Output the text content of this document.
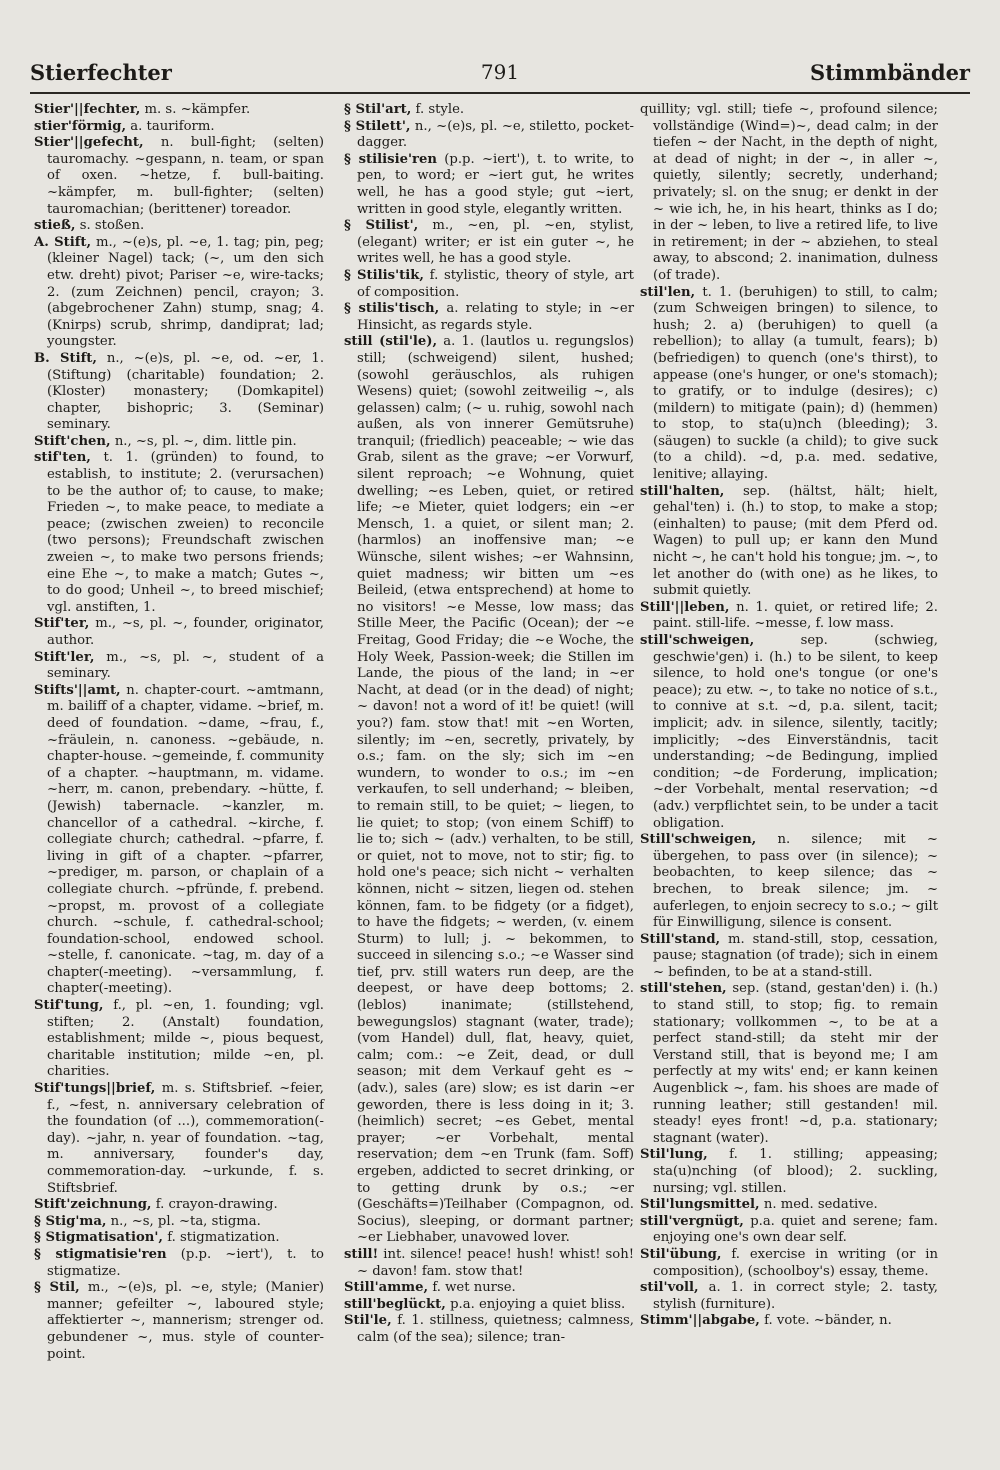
Stierfechter	791	Stimmbänder

Stier'||fechter, m. s. ~kämpfer.

stier'förmig, a. tauriform.

Stier'||gefecht, n. bull-fight; (selten) tauromachy. ~gespann, n. team, or span of oxen. ~hetze, f. bull-baiting. ~kämpfer, m. bull-fighter; (selten) tauromachian; (berittener) toreador.

stieß, s. stoßen.

A. Stift, m., ~(e)s, pl. ~e, 1. tag; pin, peg; (kleiner Nagel) tack; (~, um den sich etw. dreht) pivot; Pariser ~e, wire-tacks; 2. (zum Zeichnen) pencil, crayon; 3. (abgebrochener Zahn) stump, snag; 4. (Knirps) scrub, shrimp, dandiprat; lad; youngster.

B. Stift, n., ~(e)s, pl. ~e, od. ~er, 1. (Stiftung) (charitable) foundation; 2. (Kloster) monastery; (Domkapitel) chapter, bishopric; 3. (Seminar) seminary.

Stift'chen, n., ~s, pl. ~, dim. little pin.

stif'ten, t. 1. (gründen) to found, to establish, to institute; 2. (verursachen) to be the author of; to cause, to make; Frieden ~, to make peace, to mediate a peace; (zwischen zweien) to reconcile (two persons); Freundschaft zwischen zweien ~, to make two persons friends; eine Ehe ~, to make a match; Gutes ~, to do good; Unheil ~, to breed mischief; vgl. anstiften, 1.

Stif'ter, m., ~s, pl. ~, founder, originator, author.

Stift'ler, m., ~s, pl. ~, student of a seminary.

Stifts'||amt, n. chapter-court. ~amtmann, m. bailiff of a chapter, vidame. ~brief, m. deed of foundation. ~dame, ~frau, f., ~fräulein, n. canoness. ~gebäude, n. chapter-house. ~gemeinde, f. community of a chapter. ~hauptmann, m. vidame. ~herr, m. canon, prebendary. ~hütte, f. (Jewish) tabernacle. ~kanzler, m. chancellor of a cathedral. ~kirche, f. collegiate church; cathedral. ~pfarre, f. living in gift of a chapter. ~pfarrer, ~prediger, m. parson, or chaplain of a collegiate church. ~pfründe, f. prebend. ~propst, m. provost of a collegiate church. ~schule, f. cathedral-school; foundation-school, endowed school. ~stelle, f. canonicate. ~tag, m. day of a chapter(-meeting). ~versammlung, f. chapter(-meeting).

Stif'tung, f., pl. ~en, 1. founding; vgl. stiften; 2. (Anstalt) foundation, establishment; milde ~, pious bequest, charitable institution; milde ~en, pl. charities.

Stif'tungs||brief, m. s. Stiftsbrief. ~feier, f., ~fest, n. anniversary celebration of the foundation (of ...), commemoration(-day). ~jahr, n. year of foundation. ~tag, m. anniversary, founder's day, commemoration-day. ~urkunde, f. s. Stiftsbrief.

Stift'zeichnung, f. crayon-drawing.

§ Stig'ma, n., ~s, pl. ~ta, stigma.

§ Stigmatisation', f. stigmatization.

§ stigmatisie'ren (p.p. ~iert'), t. to stigmatize.

§ Stil, m., ~(e)s, pl. ~e, style; (Manier) manner; gefeilter ~, laboured style; affektierter ~, mannerism; strenger od. gebundener ~, mus. style of counter-point.

§ Stil'art, f. style.

§ Stilett', n., ~(e)s, pl. ~e, stiletto, pocket-dagger.

§ stilisie'ren (p.p. ~iert'), t. to write, to pen, to word; er ~iert gut, he writes well, he has a good style; gut ~iert, written in good style, elegantly written.

§ Stilist', m., ~en, pl. ~en, stylist, (elegant) writer; er ist ein guter ~, he writes well, he has a good style.

§ Stilis'tik, f. stylistic, theory of style, art of composition.

§ stilis'tisch, a. relating to style; in ~er Hinsicht, as regards style.

still (stil'le), a. 1. (lautlos u. regungslos) still; (schweigend) silent, hushed; (sowohl geräuschlos, als ruhigen Wesens) quiet; (sowohl zeitweilig ~, als gelassen) calm; (~ u. ruhig, sowohl nach außen, als von innerer Gemütsruhe) tranquil; (friedlich) peaceable; ~ wie das Grab, silent as the grave; ~er Vorwurf, silent reproach; ~e Wohnung, quiet dwelling; ~es Leben, quiet, or retired life; ~e Mieter, quiet lodgers; ein ~er Mensch, 1. a quiet, or silent man; 2. (harmlos) an inoffensive man; ~e Wünsche, silent wishes; ~er Wahnsinn, quiet madness; wir bitten um ~es Beileid, (etwa entsprechend) at home to no visitors! ~e Messe, low mass; das Stille Meer, the Pacific (Ocean); der ~e Freitag, Good Friday; die ~e Woche, the Holy Week, Passion-week; die Stillen im Lande, the pious of the land; in ~er Nacht, at dead (or in the dead) of night; ~ davon! not a word of it! be quiet! (will you?) fam. stow that! mit ~en Worten, silently; im ~en, secretly, privately, by o.s.; fam. on the sly; sich im ~en wundern, to wonder to o.s.; im ~en verkaufen, to sell underhand; ~ bleiben, to remain still, to be quiet; ~ liegen, to lie quiet; to stop; (von einem Schiff) to lie to; sich ~ (adv.) verhalten, to be still, or quiet, not to move, not to stir; fig. to hold one's peace; sich nicht ~ verhalten können, nicht ~ sitzen, liegen od. stehen können, fam. to be fidgety (or a fidget), to have the fidgets; ~ werden, (v. einem Sturm) to lull; j. ~ bekommen, to succeed in silencing s.o.; ~e Wasser sind tief, prv. still waters run deep, are the deepest, or have deep bottoms; 2. (leblos) inanimate; (stillstehend, bewegungslos) stagnant (water, trade); (vom Handel) dull, flat, heavy, quiet, calm; com.: ~e Zeit, dead, or dull season; mit dem Verkauf geht es ~ (adv.), sales (are) slow; es ist darin ~er geworden, there is less doing in it; 3. (heimlich) secret; ~es Gebet, mental prayer; ~er Vorbehalt, mental reservation; dem ~en Trunk (fam. Soff) ergeben, addicted to secret drinking, or to getting drunk by o.s.; ~er (Geschäfts=)Teilhaber (Compagnon, od. Socius), sleeping, or dormant partner; ~er Liebhaber, unavowed lover.

still! int. silence! peace! hush! whist! soh! ~ davon! fam. stow that!

Still'amme, f. wet nurse.

still'beglückt, p.a. enjoying a quiet bliss.

Stil'le, f. 1. stillness, quietness; calmness, calm (of the sea); silence; tran-

quillity; vgl. still; tiefe ~, profound silence; vollständige (Wind=)~, dead calm; in der tiefen ~ der Nacht, in the depth of night, at dead of night; in der ~, in aller ~, quietly, silently; secretly, underhand; privately; sl. on the snug; er denkt in der ~ wie ich, he, in his heart, thinks as I do; in der ~ leben, to live a retired life, to live in retirement; in der ~ abziehen, to steal away, to abscond; 2. inanimation, dulness (of trade).

stil'len, t. 1. (beruhigen) to still, to calm; (zum Schweigen bringen) to silence, to hush; 2. a) (beruhigen) to quell (a rebellion); to allay (a tumult, fears); b) (befriedigen) to quench (one's thirst), to appease (one's hunger, or one's stomach); to gratify, or to indulge (desires); c) (mildern) to mitigate (pain); d) (hemmen) to stop, to sta(u)nch (bleeding); 3. (säugen) to suckle (a child); to give suck (to a child). ~d, p.a. med. sedative, lenitive; allaying.

still'halten, sep. (hältst, hält; hielt, gehal'ten) i. (h.) to stop, to make a stop; (einhalten) to pause; (mit dem Pferd od. Wagen) to pull up; er kann den Mund nicht ~, he can't hold his tongue; jm. ~, to let another do (with one) as he likes, to submit quietly.

Still'||leben, n. 1. quiet, or retired life; 2. paint. still-life. ~messe, f. low mass.

still'schweigen, sep. (schwieg, geschwie'gen) i. (h.) to be silent, to keep silence, to hold one's tongue (or one's peace); zu etw. ~, to take no notice of s.t., to connive at s.t. ~d, p.a. silent, tacit; implicit; adv. in silence, silently, tacitly; implicitly; ~des Einverständnis, tacit understanding; ~de Bedingung, implied condition; ~de Forderung, implication; ~der Vorbehalt, mental reservation; ~d (adv.) verpflichtet sein, to be under a tacit obligation.

Still'schweigen, n. silence; mit ~ übergehen, to pass over (in silence); ~ beobachten, to keep silence; das ~ brechen, to break silence; jm. ~ auferlegen, to enjoin secrecy to s.o.; ~ gilt für Einwilligung, silence is consent.

Still'stand, m. stand-still, stop, cessation, pause; stagnation (of trade); sich in einem ~ befinden, to be at a stand-still.

still'stehen, sep. (stand, gestan'den) i. (h.) to stand still, to stop; fig. to remain stationary; vollkommen ~, to be at a perfect stand-still; da steht mir der Verstand still, that is beyond me; I am perfectly at my wits' end; er kann keinen Augenblick ~, fam. his shoes are made of running leather; still gestanden! mil. steady! eyes front! ~d, p.a. stationary; stagnant (water).

Stil'lung, f. 1. stilling; appeasing; sta(u)nching (of blood); 2. suckling, nursing; vgl. stillen.

Stil'lungsmittel, n. med. sedative.

still'vergnügt, p.a. quiet and serene; fam. enjoying one's own dear self.

Stil'übung, f. exercise in writing (or in composition), (schoolboy's) essay, theme.

stil'voll, a. 1. in correct style; 2. tasty, stylish (furniture).

Stimm'||abgabe, f. vote. ~bänder, n.
